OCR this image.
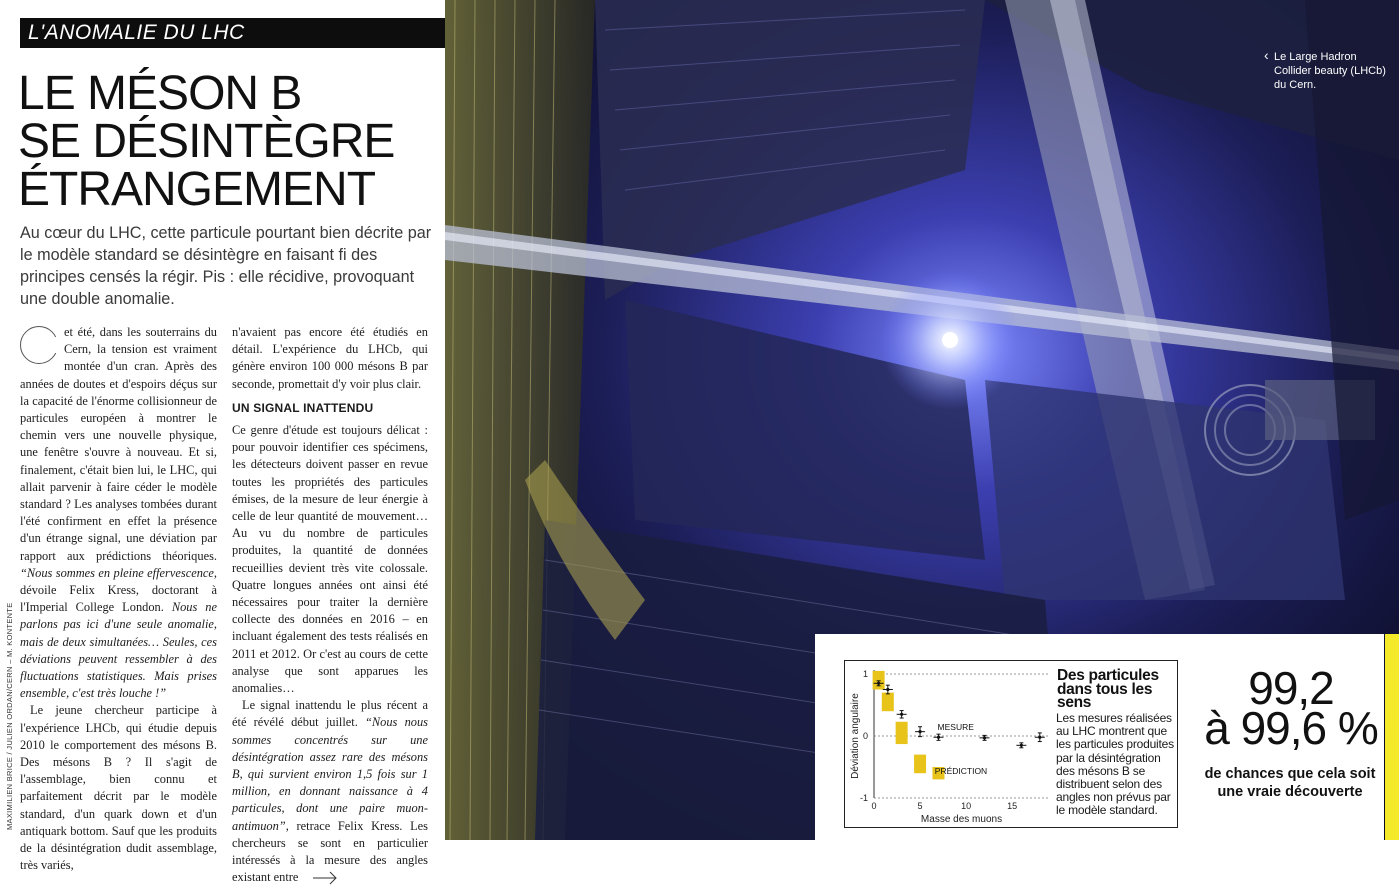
L'ANOMALIE DU LHC
LE MÉSON B
SE DÉSINTÈGRE
ÉTRANGEMENT

Au cœur du LHC, cette particule pourtant bien décrite par le modèle standard se désintègre en faisant fi des principes censés la régir. Pis : elle récidive, provoquant une double anomalie.

et été, dans les souterrains du Cern, la tension est vraiment montée d'un cran. Après des années de doutes et d'espoirs déçus sur la capacité de l'énorme collisionneur de particules européen à montrer le chemin vers une nouvelle physique, une fenêtre s'ouvre à nouveau. Et si, finalement, c'était bien lui, le LHC, qui allait parvenir à faire céder le modèle standard ? Les analyses tombées durant l'été confirment en effet la présence d'un étrange signal, une déviation par rapport aux prédictions théoriques. “Nous sommes en pleine effervescence, dévoile Felix Kress, doctorant à l'Imperial College London. Nous ne parlons pas ici d'une seule anomalie, mais de deux simultanées… Seules, ces déviations peuvent ressembler à des fluctuations statistiques. Mais prises ensemble, c'est très louche !”

Le jeune chercheur participe à l'expérience LHCb, qui étudie depuis 2010 le comportement des mésons B. Des mésons B ? Il s'agit de l'assemblage, bien connu et parfaitement décrit par le modèle standard, d'un quark down et d'un antiquark bottom. Sauf que les produits de la désintégration dudit assemblage, très variés,

n'avaient pas encore été étudiés en détail. L'expérience du LHCb, qui génère environ 100 000 mésons B par seconde, promettait d'y voir plus clair.

UN SIGNAL INATTENDU

Ce genre d'étude est toujours délicat : pour pouvoir identifier ces spécimens, les détecteurs doivent passer en revue toutes les propriétés des particules émises, de la mesure de leur énergie à celle de leur quantité de mouvement… Au vu du nombre de particules produites, la quantité de données recueillies devient très vite colossale. Quatre longues années ont ainsi été nécessaires pour traiter la dernière collecte des données en 2016 – en incluant également des tests réalisés en 2011 et 2012. Or c'est au cours de cette analyse que sont apparues les anomalies…

Le signal inattendu le plus récent a été révélé début juillet. “Nous nous sommes concentrés sur une désintégration assez rare des mésons B, qui survient environ 1,5 fois sur 1 million, en donnant naissance à 4 particules, dont une paire muon-antimuon”, retrace Felix Kress. Les chercheurs se sont en particulier intéressés à la mesure des angles existant entre

MAXIMILIEN BRICE / JULIEN ORDAN/CERN – M. KONTENTE
‹ Le Large Hadron Collider beauty (LHCb) du Cern.
1
0
-1
0	5	10	15
Déviation angulaire
Masse des muons
MESURE
PRÉDICTION
Des particules dans tous les sens
Les mesures réalisées au LHC montrent que les particules produites par la désintégration des mésons B se distribuent selon des angles non prévus par le modèle standard.
99,2
à 99,6 %
de chances que cela soit une vraie découverte
